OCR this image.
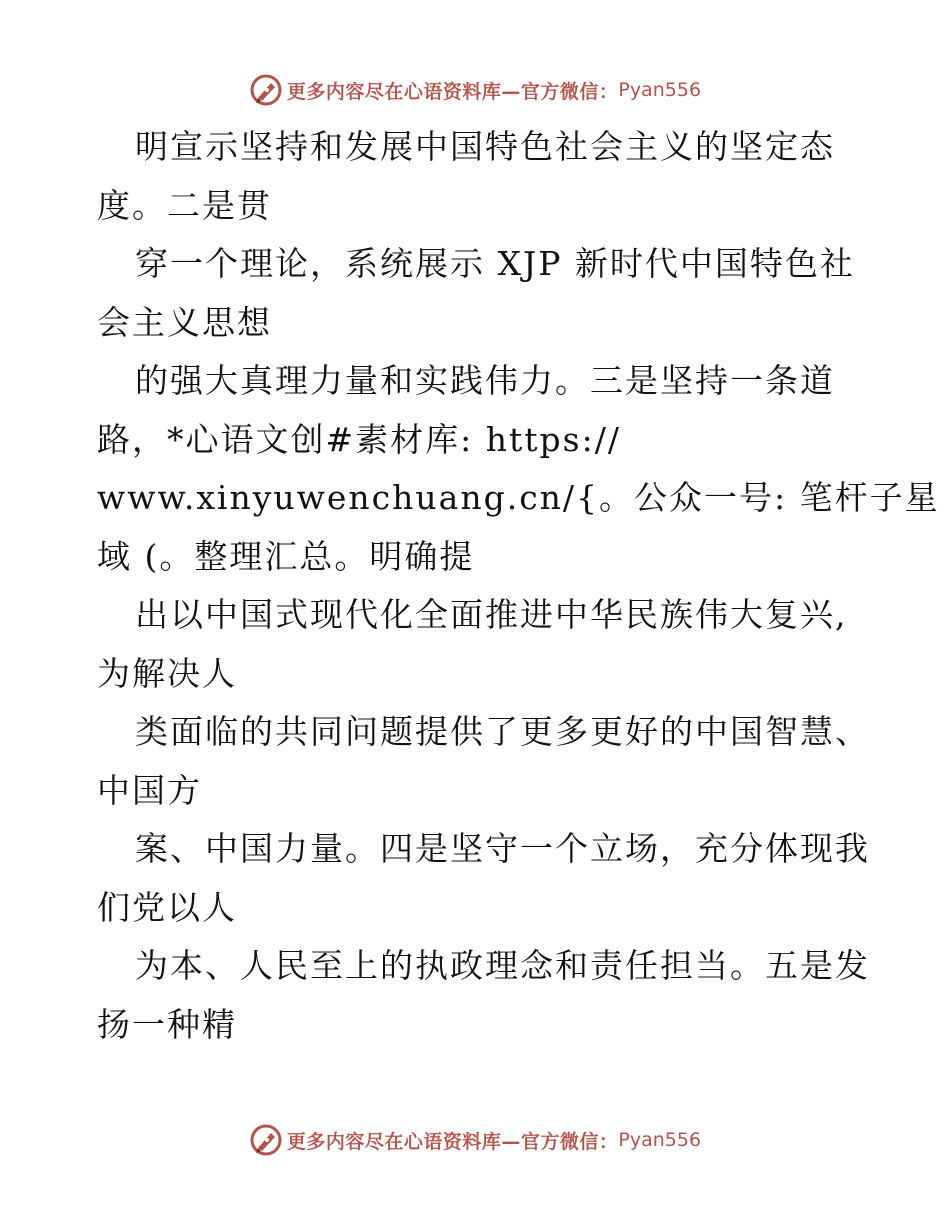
更多内容尽在心语资料库—官方微信： Pyan556
明宣示坚持和发展中国特色社会主义的坚定态
度。二是贯
穿一个理论，系统展示 XJP 新时代中国特色社
会主义思想
的强大真理力量和实践伟力。三是坚持一条道
路，*心语文创#素材库: https://
www.xinyuwenchuang.cn/{。公众一号: 笔杆子星
域 (。整理汇总。明确提
出以中国式现代化全面推进中华民族伟大复兴,
为解决人
类面临的共同问题提供了更多更好的中国智慧、
中国方
案、中国力量。四是坚守一个立场，充分体现我
们党以人
为本、人民至上的执政理念和责任担当。五是发
扬一种精
更多内容尽在心语资料库—官方微信： Pyan556
